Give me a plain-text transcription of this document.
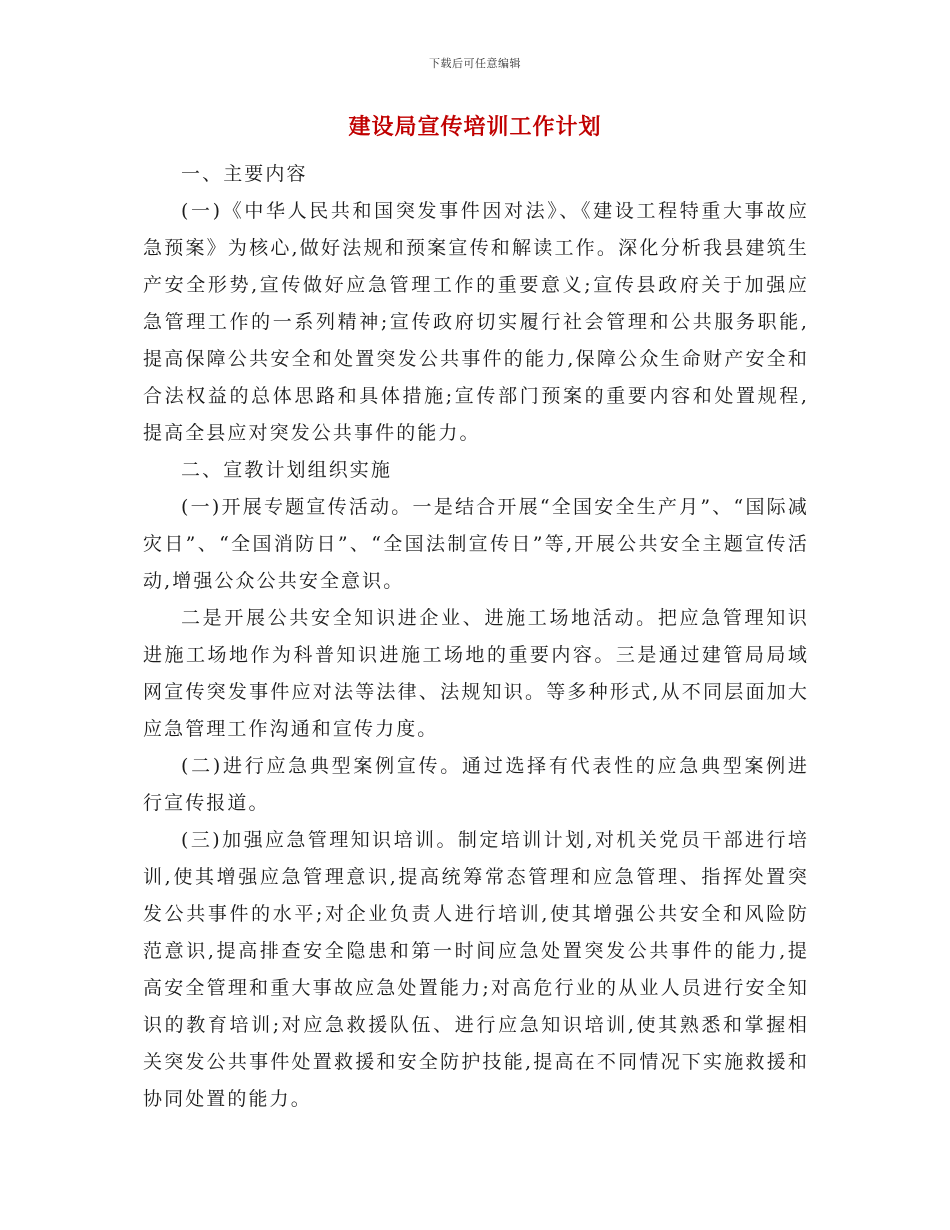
下载后可任意编辑
建设局宣传培训工作计划

一、主要内容

(一)《中华人民共和国突发事件因对法》、《建设工程特重大事故应急预案》为核心,做好法规和预案宣传和解读工作。深化分析我县建筑生产安全形势,宣传做好应急管理工作的重要意义;宣传县政府关于加强应急管理工作的一系列精神;宣传政府切实履行社会管理和公共服务职能,提高保障公共安全和处置突发公共事件的能力,保障公众生命财产安全和合法权益的总体思路和具体措施;宣传部门预案的重要内容和处置规程,提高全县应对突发公共事件的能力。

二、宣教计划组织实施

(一)开展专题宣传活动。一是结合开展“全国安全生产月”、“国际减灾日”、“全国消防日”、“全国法制宣传日”等,开展公共安全主题宣传活动,增强公众公共安全意识。

二是开展公共安全知识进企业、进施工场地活动。把应急管理知识进施工场地作为科普知识进施工场地的重要内容。三是通过建管局局域网宣传突发事件应对法等法律、法规知识。等多种形式,从不同层面加大应急管理工作沟通和宣传力度。

(二)进行应急典型案例宣传。通过选择有代表性的应急典型案例进行宣传报道。

(三)加强应急管理知识培训。制定培训计划,对机关党员干部进行培训,使其增强应急管理意识,提高统筹常态管理和应急管理、指挥处置突发公共事件的水平;对企业负责人进行培训,使其增强公共安全和风险防范意识,提高排查安全隐患和第一时间应急处置突发公共事件的能力,提高安全管理和重大事故应急处置能力;对高危行业的从业人员进行安全知识的教育培训;对应急救援队伍、进行应急知识培训,使其熟悉和掌握相关突发公共事件处置救援和安全防护技能,提高在不同情况下实施救援和协同处置的能力。
